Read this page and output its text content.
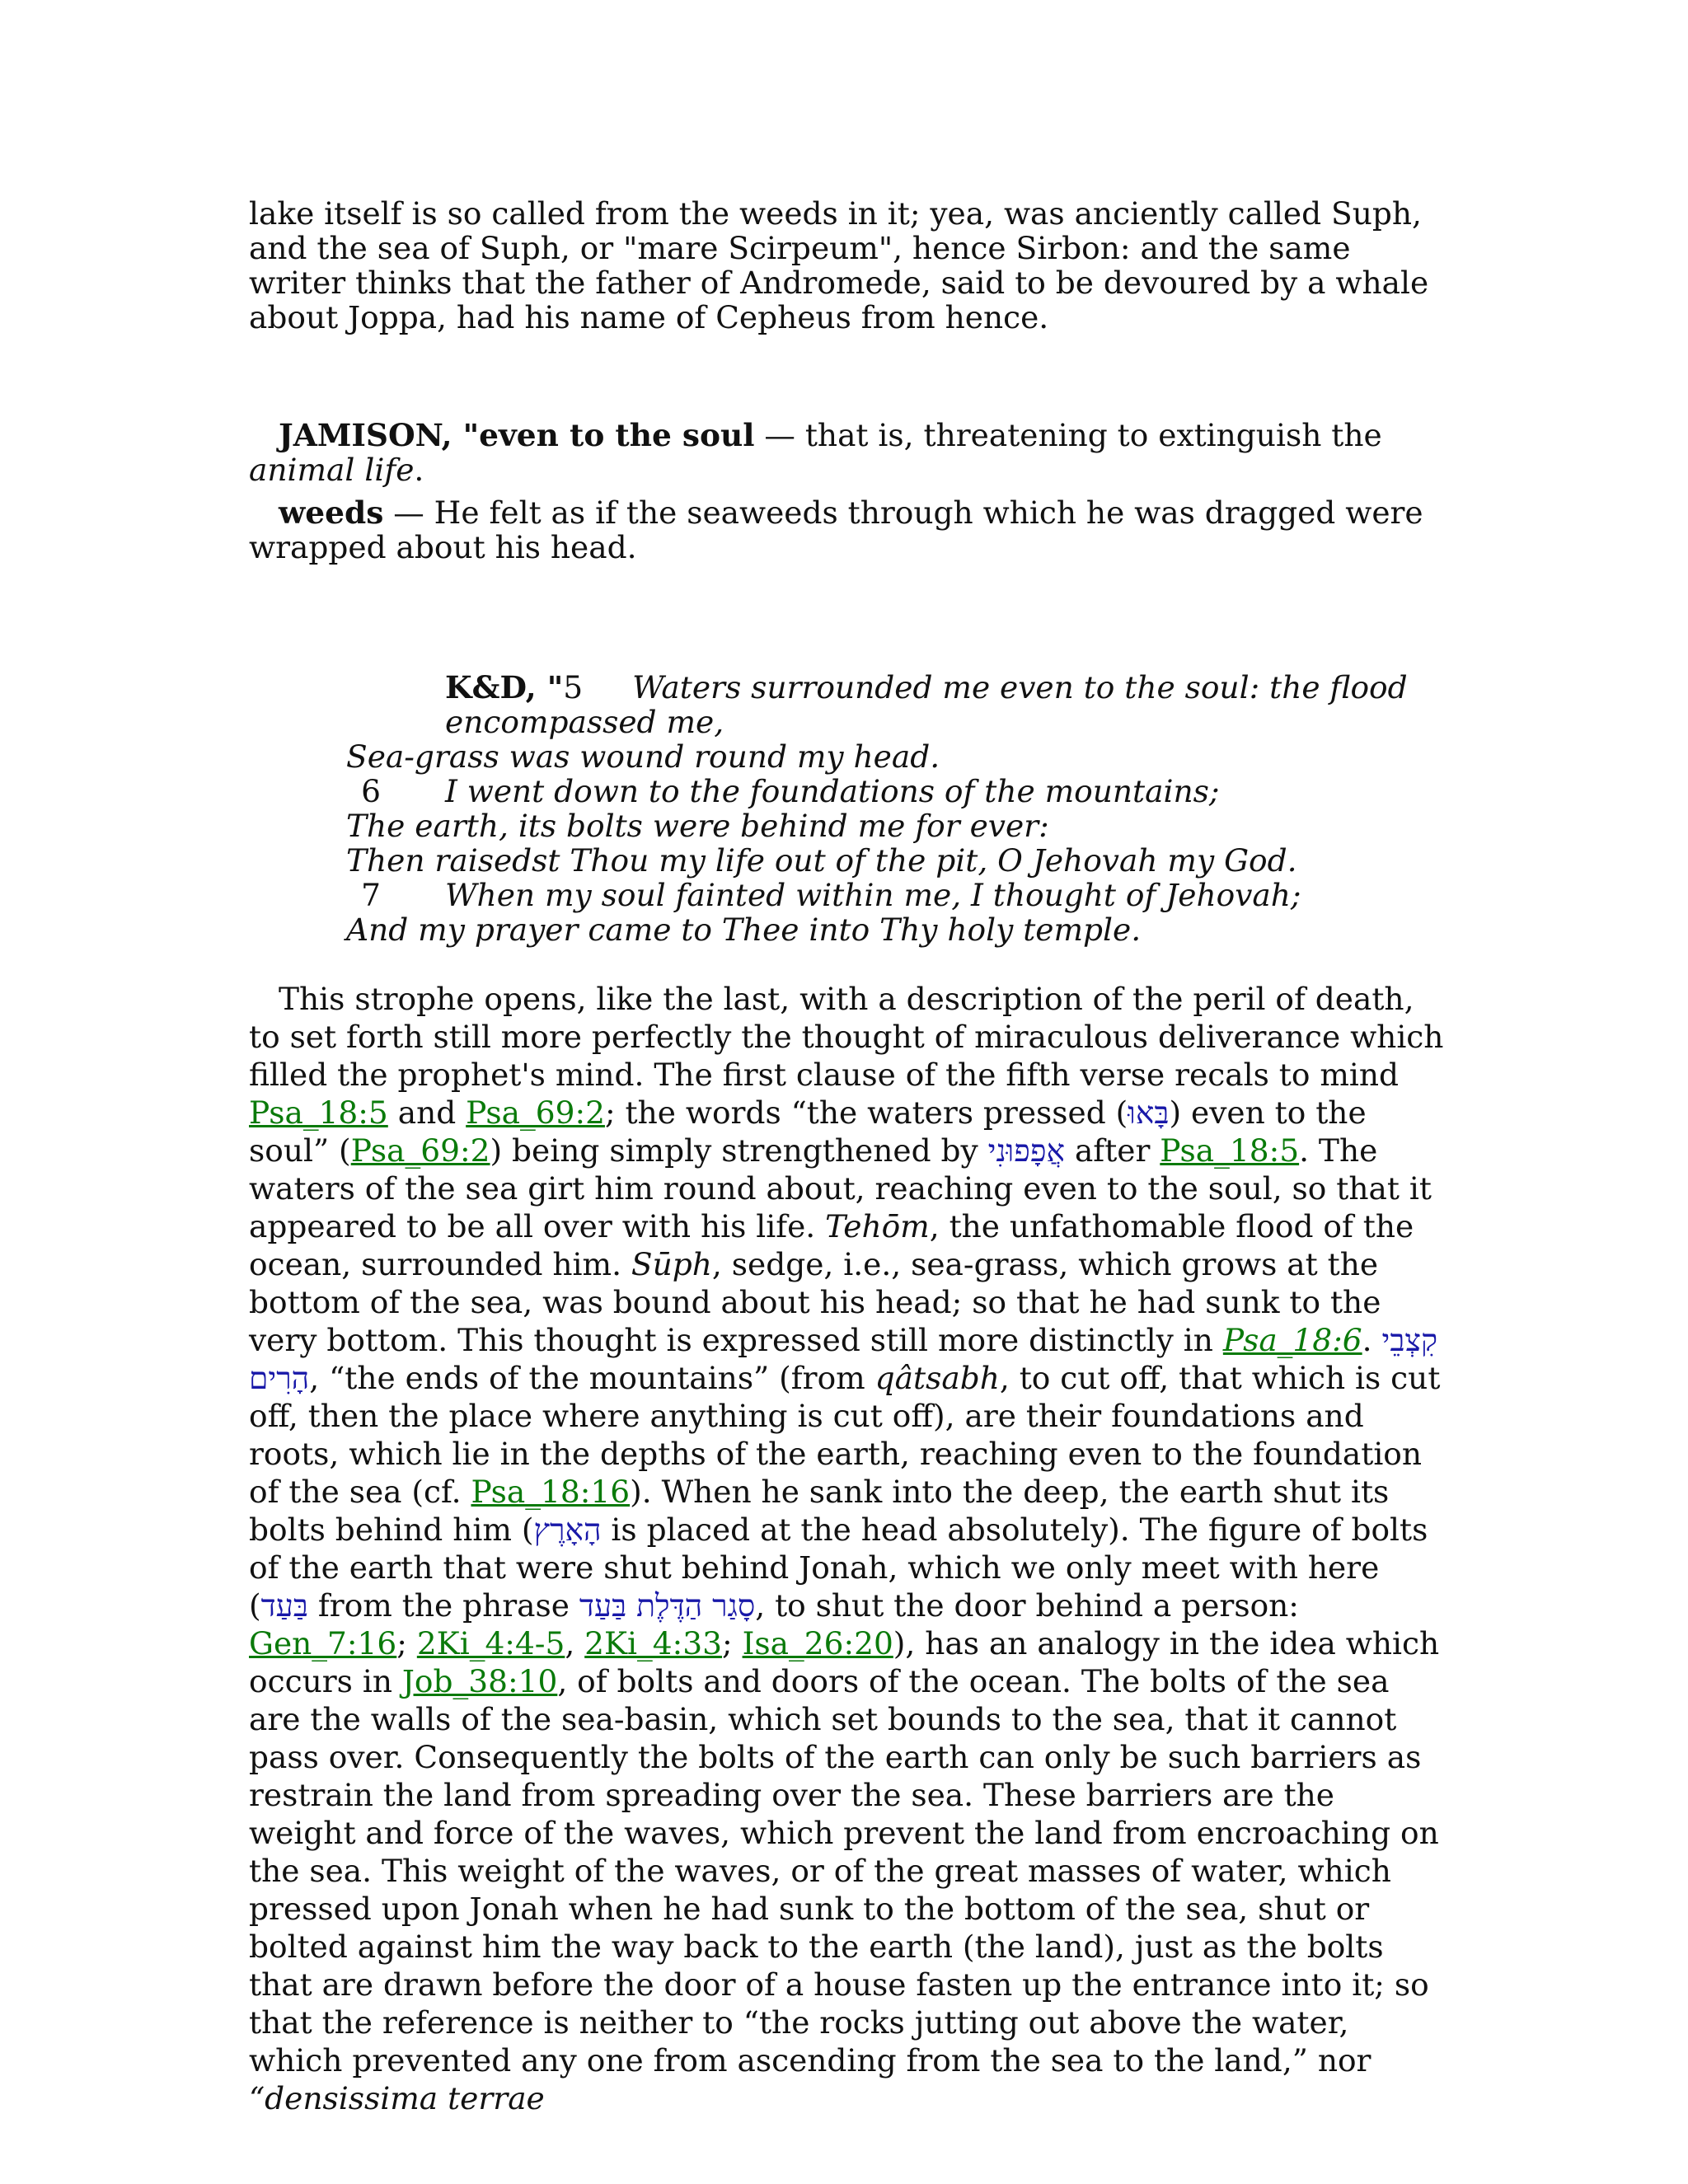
lake itself is so called from the weeds in it; yea, was anciently called Suph, and the sea of Suph, or "mare Scirpeum", hence Sirbon: and the same writer thinks that the father of Andromede, said to be devoured by a whale about Joppa, had his name of Cepheus from hence.

JAMISON, "even to the soul — that is, threatening to extinguish the animal life.

weeds — He felt as if the seaweeds through which he was dragged were wrapped about his head.

K&D, "5 Waters surrounded me even to the soul: the flood encompassed me,
Sea-grass was wound round my head.
6 I went down to the foundations of the mountains;
The earth, its bolts were behind me for ever:
Then raisedst Thou my life out of the pit, O Jehovah my God.
7 When my soul fainted within me, I thought of Jehovah;
And my prayer came to Thee into Thy holy temple.

This strophe opens, like the last, with a description of the peril of death, to set forth still more perfectly the thought of miraculous deliverance which filled the prophet's mind. The first clause of the fifth verse recals to mind Psa_18:5 and Psa_69:2; the words “the waters pressed (בָּאוּ) even to the soul” (Psa_69:2) being simply strengthened by אֲפָפוּנִי after Psa_18:5. The waters of the sea girt him round about, reaching even to the soul, so that it appeared to be all over with his life. Tehōm, the unfathomable flood of the ocean, surrounded him. Sūph, sedge, i.e., sea-grass, which grows at the bottom of the sea, was bound about his head; so that he had sunk to the very bottom. This thought is expressed still more distinctly in Psa_18:6. קִצְבֵי הָרִים, “the ends of the mountains” (from qâtsabh, to cut off, that which is cut off, then the place where anything is cut off), are their foundations and roots, which lie in the depths of the earth, reaching even to the foundation of the sea (cf. Psa_18:16). When he sank into the deep, the earth shut its bolts behind him (הָאָרֶץ is placed at the head absolutely). The figure of bolts of the earth that were shut behind Jonah, which we only meet with here (בַּעַד from the phrase סָגַר הַדֶּלֶת בַּעַד, to shut the door behind a person: Gen_7:16; 2Ki_4:4-5, 2Ki_4:33; Isa_26:20), has an analogy in the idea which occurs in Job_38:10, of bolts and doors of the ocean. The bolts of the sea are the walls of the sea-basin, which set bounds to the sea, that it cannot pass over. Consequently the bolts of the earth can only be such barriers as restrain the land from spreading over the sea. These barriers are the weight and force of the waves, which prevent the land from encroaching on the sea. This weight of the waves, or of the great masses of water, which pressed upon Jonah when he had sunk to the bottom of the sea, shut or bolted against him the way back to the earth (the land), just as the bolts that are drawn before the door of a house fasten up the entrance into it; so that the reference is neither to “the rocks jutting out above the water, which prevented any one from ascending from the sea to the land,” nor “densissima terrae
